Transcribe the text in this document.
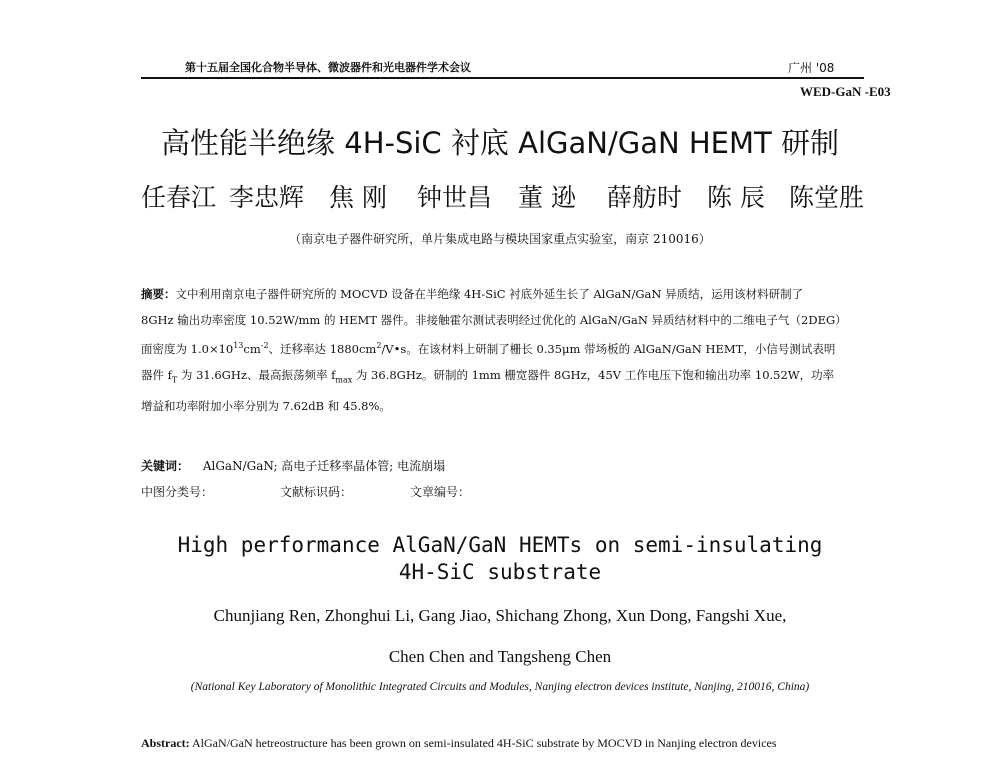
第十五届全国化合物半导体、微波器件和光电器件学术会议	广州 '08
WED-GaN -E03
高性能半绝缘 4H-SiC 衬底 AlGaN/GaN HEMT 研制
任春江 李忠辉 焦 刚 钟世昌 董 逊 薛舫时 陈 辰 陈堂胜
（南京电子器件研究所，单片集成电路与模块国家重点实验室，南京 210016）
摘要：文中利用南京电子器件研究所的 MOCVD 设备在半绝缘 4H-SiC 衬底外延生长了 AlGaN/GaN 异质结，运用该材料研制了
8GHz 输出功率密度 10.52W/mm 的 HEMT 器件。非接触霍尔测试表明经过优化的 AlGaN/GaN 异质结材料中的二维电子气（2DEG）
面密度为 $1.0\times 10^{13}cm^{-2}$、迁移率达 $1880cm^2/V•s$。在该材料上研制了栅长 0.35μm 带场板的 AlGaN/GaN HEMT，小信号测试表明
器件 $f_T$ 为 31.6GHz、最高振荡频率 $f_{max}$ 为 36.8GHz。研制的 1mm 栅宽器件 8GHz，45V 工作电压下饱和输出功率 10.52W，功率
增益和功率附加小率分别为 7.62dB 和 45.8%。
关键词： AlGaN/GaN; 高电子迁移率晶体管; 电流崩塌
中图分类号：	文献标识码：	文章编号：
High performance AlGaN/GaN HEMTs on semi-insulating
4H-SiC substrate
Chunjiang Ren, Zhonghui Li, Gang Jiao, Shichang Zhong, Xun Dong, Fangshi Xue,
Chen Chen and Tangsheng Chen
(National Key Laboratory of Monolithic Integrated Circuits and Modules, Nanjing electron devices institute, Nanjing, 210016, China)
Abstract: AlGaN/GaN hetreostructure has been grown on semi-insulated 4H-SiC substrate by MOCVD in Nanjing electron devices
